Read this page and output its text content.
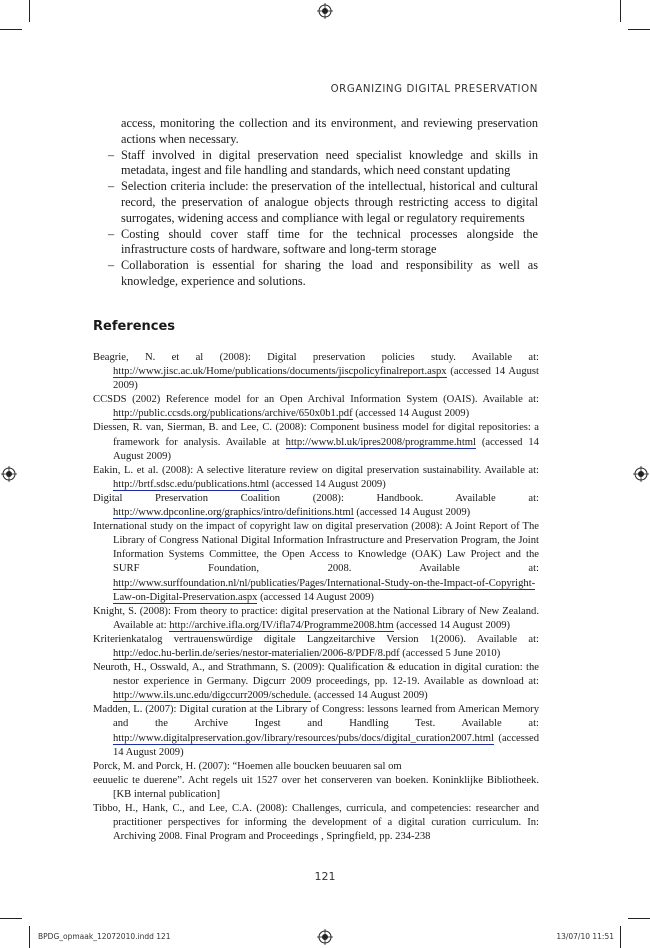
ORGANIZING DIGITAL PRESERVATION
access, monitoring the collection and its environment, and reviewing preservation actions when necessary.
– Staff involved in digital preservation need specialist knowledge and skills in metadata, ingest and file handling and standards, which need constant updating
– Selection criteria include: the preservation of the intellectual, historical and cultural record, the preservation of analogue objects through restricting access to digital surrogates, widening access and compliance with legal or regulatory requirements
– Costing should cover staff time for the technical processes alongside the infrastructure costs of hardware, software and long-term storage
– Collaboration is essential for sharing the load and responsibility as well as knowledge, experience and solutions.
References
Beagrie, N. et al (2008): Digital preservation policies study. Available at: http://www.jisc.ac.uk/Home/publications/documents/jiscpolicyfinalreport.aspx (accessed 14 August 2009)
CCSDS (2002) Reference model for an Open Archival Information System (OAIS). Available at: http://public.ccsds.org/publications/archive/650x0b1.pdf (accessed 14 August 2009)
Diessen, R. van, Sierman, B. and Lee, C. (2008): Component business model for digital repositories: a framework for analysis. Available at http://www.bl.uk/ipres2008/programme.html (accessed 14 August 2009)
Eakin, L. et al. (2008): A selective literature review on digital preservation sustainability. Available at: http://brtf.sdsc.edu/publications.html (accessed 14 August 2009)
Digital Preservation Coalition (2008): Handbook. Available at: http://www.dpconline.org/graphics/intro/definitions.html (accessed 14 August 2009)
International study on the impact of copyright law on digital preservation (2008): A Joint Report of The Library of Congress National Digital Information Infrastructure and Preservation Program, the Joint Information Systems Committee, the Open Access to Knowledge (OAK) Law Project and the SURF Foundation, 2008. Available at: http://www.surffoundation.nl/nl/publicaties/Pages/International-Study-on-the-Impact-of-Copyright-Law-on-Digital-Preservation.aspx (accessed 14 August 2009)
Knight, S. (2008): From theory to practice: digital preservation at the National Library of New Zealand. Available at: http://archive.ifla.org/IV/ifla74/Programme2008.htm (accessed 14 August 2009)
Kriterienkatalog vertrauenswürdige digitale Langzeitarchive Version 1(2006). Available at: http://edoc.hu-berlin.de/series/nestor-materialien/2006-8/PDF/8.pdf (accessed 5 June 2010)
Neuroth, H., Osswald, A., and Strathmann, S. (2009): Qualification & education in digital curation: the nestor experience in Germany. Digcurr 2009 proceedings, pp. 12-19. Available as download at: http://www.ils.unc.edu/digccurr2009/schedule. (accessed 14 August 2009)
Madden, L. (2007): Digital curation at the Library of Congress: lessons learned from American Memory and the Archive Ingest and Handling Test. Available at: http://www.digitalpreservation.gov/library/resources/pubs/docs/digital_curation2007.html (accessed 14 August 2009)
Porck, M. and Porck, H. (2007): “Hoemen alle boucken beuuaren sal om
eeuuelic te duerene”. Acht regels uit 1527 over het conserveren van boeken. Koninklijke Bibliotheek. [KB internal publication]
Tibbo, H., Hank, C., and Lee, C.A. (2008): Challenges, curricula, and competencies: researcher and practitioner perspectives for informing the development of a digital curation curriculum. In: Archiving 2008. Final Program and Proceedings , Springfield, pp. 234-238
121
BPDG_opmaak_12072010.indd 121	13/07/10 11:51
